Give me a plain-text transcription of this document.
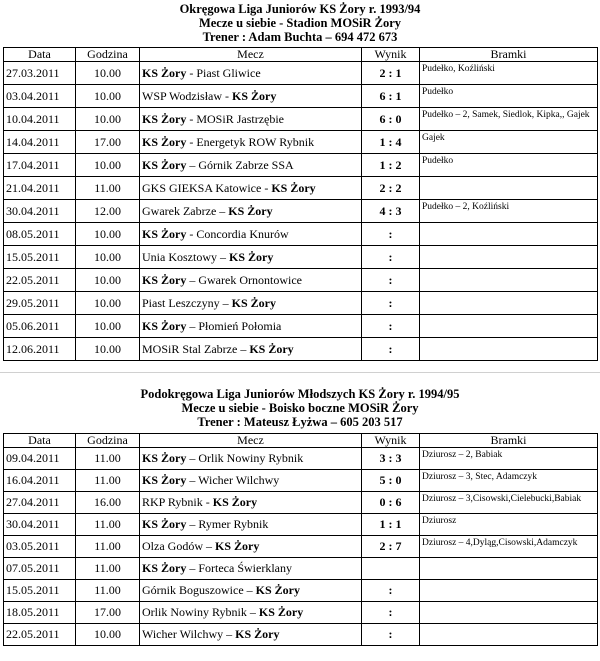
Okręgowa Liga Juniorów KS Żory r. 1993/94
Mecze u siebie - Stadion MOSiR Żory
Trener : Adam Buchta – 694 472 673
Data	Godzina	Mecz	Wynik	Bramki
27.03.2011	10.00	KS Żory - Piast Gliwice	2 : 1	Pudełko, Koźliński
03.04.2011	10.00	WSP Wodzisław - KS Żory	6 : 1	Pudełko
10.04.2011	10.00	KS Żory - MOSiR Jastrzębie	6 : 0	Pudełko – 2, Samek, Siedlok, Kipka,, Gajek
14.04.2011	17.00	KS Żory - Energetyk ROW Rybnik	1 : 4	Gajek
17.04.2011	10.00	KS Żory – Górnik Zabrze SSA	1 : 2	Pudełko
21.04.2011	11.00	GKS GIEKSA Katowice - KS Żory	2 : 2	
30.04.2011	12.00	Gwarek Zabrze – KS Żory	4 : 3	Pudełko – 2, Koźliński
08.05.2011	10.00	KS Żory - Concordia Knurów	:	
15.05.2011	10.00	Unia Kosztowy – KS Żory	:	
22.05.2011	10.00	KS Żory – Gwarek Ornontowice	:	
29.05.2011	10.00	Piast Leszczyny – KS Żory	:	
05.06.2011	10.00	KS Żory – Płomień Połomia	:	
12.06.2011	10.00	MOSiR Stal Zabrze – KS Żory	:	
Podokręgowa Liga Juniorów Młodszych KS Żory r. 1994/95
Mecze u siebie - Boisko boczne MOSiR Żory
Trener : Mateusz Łyżwa – 605 203 517
Data	Godzina	Mecz	Wynik	Bramki
09.04.2011	11.00	KS Żory – Orlik Nowiny Rybnik	3 : 3	Dziurosz – 2, Babiak
16.04.2011	11.00	KS Żory – Wicher Wilchwy	5 : 0	Dziurosz – 3, Stec, Adamczyk
27.04.2011	16.00	RKP Rybnik - KS Żory	0 : 6	Dziurosz – 3,Cisowski,Cielebucki,Babiak
30.04.2011	11.00	KS Żory – Rymer Rybnik	1 : 1	Dziurosz
03.05.2011	11.00	Olza Godów – KS Żory	2 : 7	Dziurosz – 4,Dyląg,Cisowski,Adamczyk
07.05.2011	11.00	KS Żory – Forteca Świerklany		
15.05.2011	11.00	Górnik Boguszowice – KS Żory	:	
18.05.2011	17.00	Orlik Nowiny Rybnik – KS Żory	:	
22.05.2011	10.00	Wicher Wilchwy – KS Żory	:	
